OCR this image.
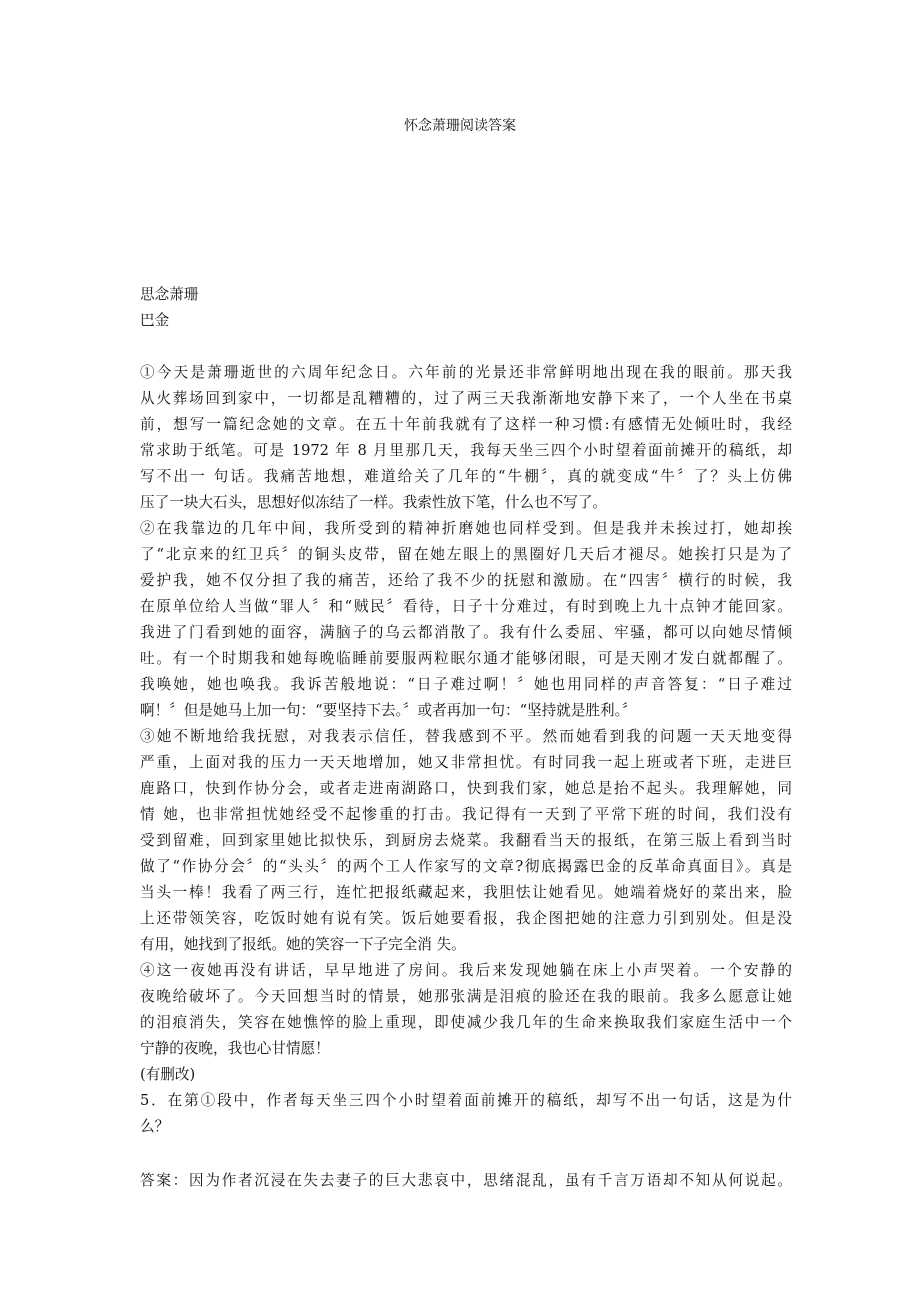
怀念萧珊阅读答案
思念萧珊
巴金
①今天是萧珊逝世的六周年纪念日。六年前的光景还非常鲜明地出现在我的眼前。那天我
从火葬场回到家中，一切都是乱糟糟的，过了两三天我渐渐地安静下来了，一个人坐在书桌
前，想写一篇纪念她的文章。在五十年前我就有了这样一种习惯:有感情无处倾吐时，我经
常求助于纸笔。可是 1972 年 8 月里那几天，我每天坐三四个小时望着面前摊开的稿纸，却
写不出一 句话。我痛苦地想，难道给关了几年的“牛棚〞，真的就变成“牛〞了？头上仿佛
压了一块大石头，思想好似冻结了一样。我索性放下笔，什么也不写了。
②在我靠边的几年中间，我所受到的精神折磨她也同样受到。但是我并未挨过打，她却挨
了“北京来的红卫兵〞的铜头皮带，留在她左眼上的黑圈好几天后才褪尽。她挨打只是为了
爱护我，她不仅分担了我的痛苦，还给了我不少的抚慰和激励。在“四害〞横行的时候，我
在原单位给人当做“罪人〞和“贼民〞看待，日子十分难过，有时到晚上九十点钟才能回家。
我进了门看到她的面容，满脑子的乌云都消散了。我有什么委屈、牢骚，都可以向她尽情倾
吐。有一个时期我和她每晚临睡前要服两粒眠尔通才能够闭眼，可是天刚才发白就都醒了。
我唤她，她也唤我。我诉苦般地说：“日子难过啊！〞她也用同样的声音答复：“日子难过
啊！〞但是她马上加一句：“要坚持下去。〞或者再加一句：“坚持就是胜利。〞
③她不断地给我抚慰，对我表示信任，替我感到不平。然而她看到我的问题一天天地变得
严重，上面对我的压力一天天地增加，她又非常担忧。有时同我一起上班或者下班，走进巨
鹿路口，快到作协分会，或者走进南湖路口，快到我们家，她总是抬不起头。我理解她，同
情 她，也非常担忧她经受不起惨重的打击。我记得有一天到了平常下班的时间，我们没有
受到留难，回到家里她比拟快乐，到厨房去烧菜。我翻看当天的报纸，在第三版上看到当时
做了“作协分会〞的“头头〞的两个工人作家写的文章?彻底揭露巴金的反革命真面目》。真是
当头一棒！我看了两三行，连忙把报纸藏起来，我胆怯让她看见。她端着烧好的菜出来，脸
上还带领笑容，吃饭时她有说有笑。饭后她要看报，我企图把她的注意力引到别处。但是没
有用，她找到了报纸。她的笑容一下子完全消 失。
④这一夜她再没有讲话，早早地进了房间。我后来发现她躺在床上小声哭着。一个安静的
夜晚给破坏了。今天回想当时的情景，她那张满是泪痕的脸还在我的眼前。我多么愿意让她
的泪痕消失，笑容在她憔悴的脸上重现，即使减少我几年的生命来换取我们家庭生活中一个
宁静的夜晚，我也心甘情愿！
(有删改)
5．在第①段中，作者每天坐三四个小时望着面前摊开的稿纸，却写不出一句话，这是为什
么？
答案：因为作者沉浸在失去妻子的巨大悲哀中，思绪混乱，虽有千言万语却不知从何说起。
